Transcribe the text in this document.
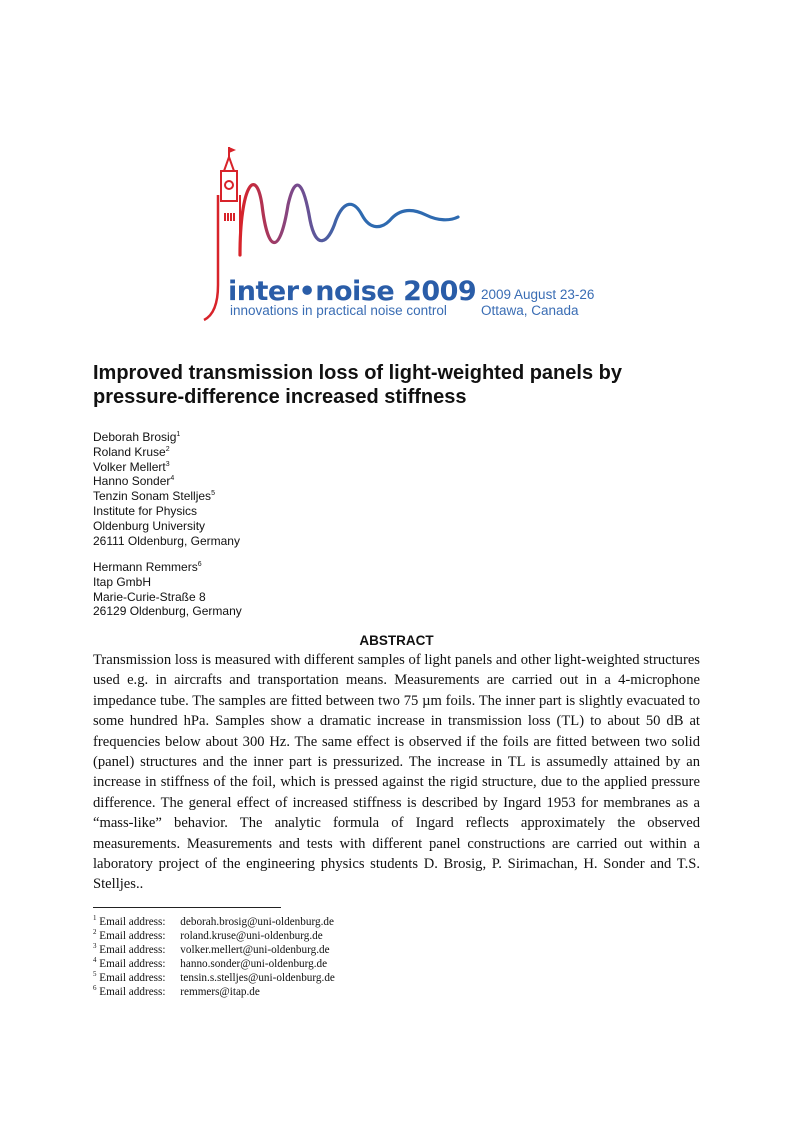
inter•noise 2009
innovations in practical noise control
2009 August 23-26
Ottawa, Canada
Improved transmission loss of light-weighted panels by
pressure-difference increased stiffness
Deborah Brosig$^1$
Roland Kruse$^2$
Volker Mellert$^3$
Hanno Sonder$^4$
Tenzin Sonam Stelljes$^5$
Institute for Physics
Oldenburg University
26111 Oldenburg, Germany
Hermann Remmers$^6$
Itap GmbH
Marie-Curie-Straße 8
26129 Oldenburg, Germany
ABSTRACT
Transmission loss is measured with different samples of light panels and other light-weighted structures used e.g. in aircrafts and transportation means. Measurements are carried out in a 4-microphone impedance tube. The samples are fitted between two 75 µm foils. The inner part is slightly evacuated to some hundred hPa. Samples show a dramatic increase in transmission loss (TL) to about 50 dB at frequencies below about 300 Hz. The same effect is observed if the foils are fitted between two solid (panel) structures and the inner part is pressurized. The increase in TL is assumedly attained by an increase in stiffness of the foil, which is pressed against the rigid structure, due to the applied pressure difference. The general effect of increased stiffness is described by Ingard 1953 for membranes as a “mass-like” behavior. The analytic formula of Ingard reflects approximately the observed measurements. Measurements and tests with different panel constructions are carried out within a laboratory project of the engineering physics students D. Brosig, P. Sirimachan, H. Sonder and T.S. Stelljes..
$^1$ Email address: deborah.brosig@uni-oldenburg.de
$^2$ Email address: roland.kruse@uni-oldenburg.de
$^3$ Email address: volker.mellert@uni-oldenburg.de
$^4$ Email address: hanno.sonder@uni-oldenburg.de
$^5$ Email address: tensin.s.stelljes@uni-oldenburg.de
$^6$ Email address: remmers@itap.de
